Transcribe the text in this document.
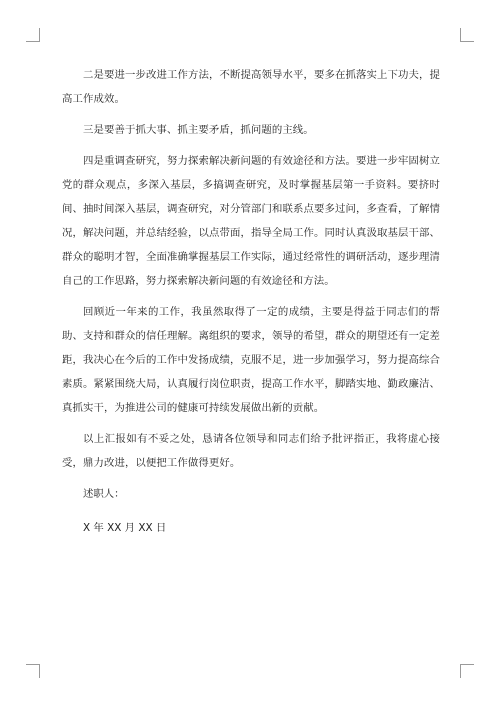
二是要进一步改进工作方法，不断提高领导水平，要多在抓落实上下功夫，提高工作成效。

三是要善于抓大事、抓主要矛盾，抓问题的主线。

四是重调查研究，努力探索解决新问题的有效途径和方法。要进一步牢固树立党的群众观点，多深入基层，多搞调查研究，及时掌握基层第一手资料。要挤时间、抽时间深入基层，调查研究，对分管部门和联系点要多过问，多查看，了解情况，解决问题，并总结经验，以点带面，指导全局工作。同时认真汲取基层干部、群众的聪明才智，全面准确掌握基层工作实际，通过经常性的调研活动，逐步理清自己的工作思路，努力探索解决新问题的有效途径和方法。

回顾近一年来的工作，我虽然取得了一定的成绩，主要是得益于同志们的帮助、支持和群众的信任理解。离组织的要求，领导的希望，群众的期望还有一定差距，我决心在今后的工作中发扬成绩，克服不足，进一步加强学习，努力提高综合素质。紧紧围绕大局，认真履行岗位职责，提高工作水平，脚踏实地、勤政廉洁、真抓实干，为推进公司的健康可持续发展做出新的贡献。

以上汇报如有不妥之处，恳请各位领导和同志们给予批评指正，我将虚心接受，鼎力改进，以便把工作做得更好。

述职人：

X 年 XX 月 XX 日
